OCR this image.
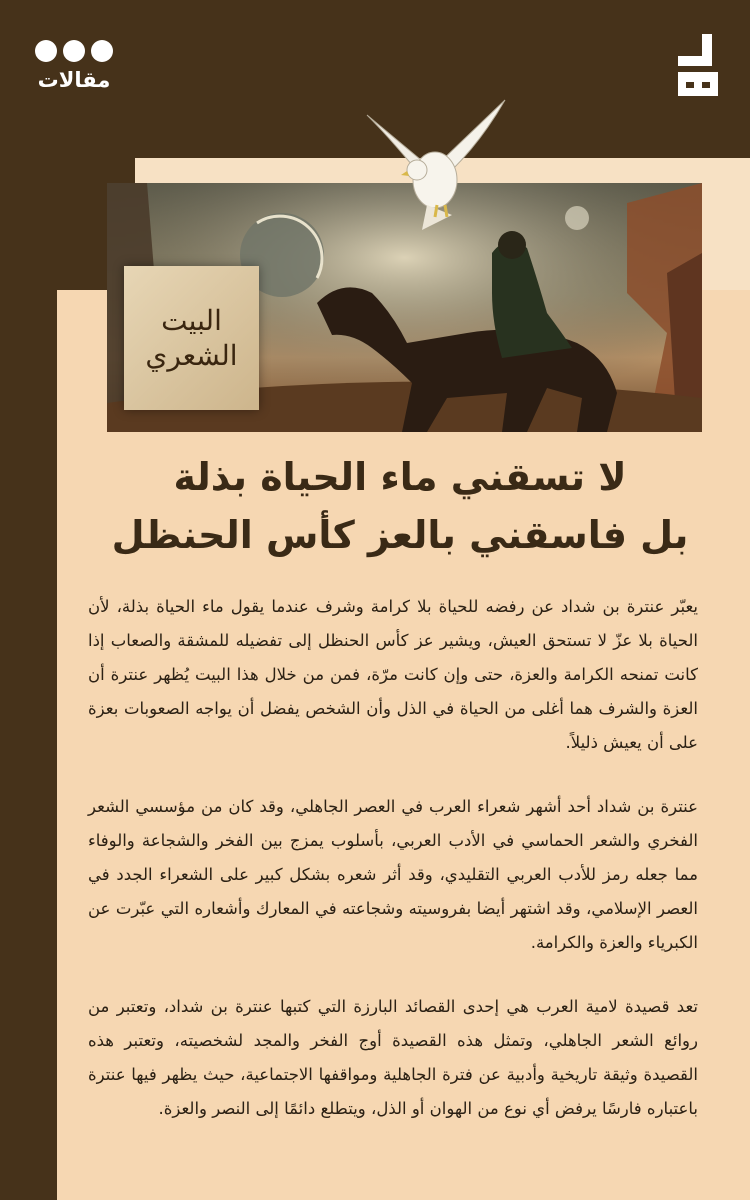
مقالات
البيت
الشعري
لا تسقني ماء الحياة بذلة
بل فاسقني بالعز كأس الحنظل

يعبّر عنترة بن شداد عن رفضه للحياة بلا كرامة وشرف عندما يقول ماء الحياة بذلة، لأن الحياة بلا عزّ لا تستحق العيش، ويشير عز كأس الحنظل إلى تفضيله للمشقة والصعاب إذا كانت تمنحه الكرامة والعزة، حتى وإن كانت مرّة، فمن من خلال هذا البيت يُظهر عنترة أن العزة والشرف هما أغلى من الحياة في الذل وأن الشخص يفضل أن يواجه الصعوبات بعزة على أن يعيش ذليلاً.

عنترة بن شداد أحد أشهر شعراء العرب في العصر الجاهلي، وقد كان من مؤسسي الشعر الفخري والشعر الحماسي في الأدب العربي، بأسلوب يمزج بين الفخر والشجاعة والوفاء مما جعله رمز للأدب العربي التقليدي، وقد أثر شعره بشكل كبير على الشعراء الجدد في العصر الإسلامي، وقد اشتهر أيضا بفروسيته وشجاعته في المعارك وأشعاره التي عبّرت عن الكبرياء والعزة والكرامة.

تعد قصيدة لامية العرب هي إحدى القصائد البارزة التي كتبها عنترة بن شداد، وتعتبر من روائع الشعر الجاهلي، وتمثل هذه القصيدة أوج الفخر والمجد لشخصيته، وتعتبر هذه القصيدة وثيقة تاريخية وأدبية عن فترة الجاهلية ومواقفها الاجتماعية، حيث يظهر فيها عنترة باعتباره فارسًا يرفض أي نوع من الهوان أو الذل، ويتطلع دائمًا إلى النصر والعزة.
